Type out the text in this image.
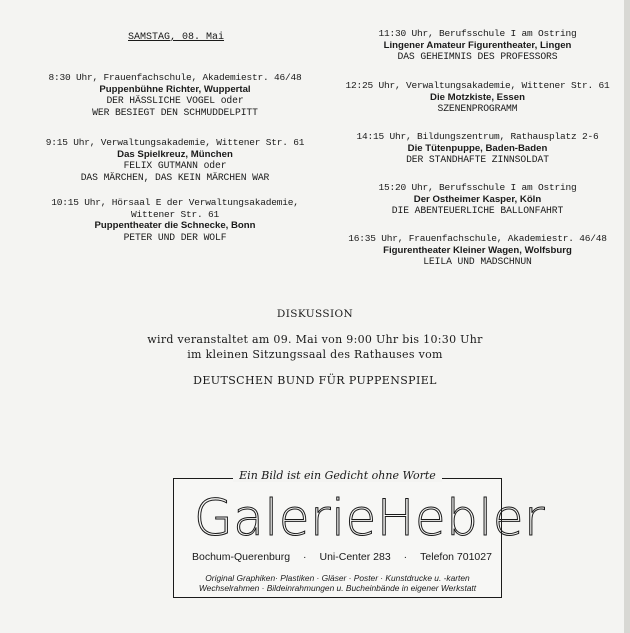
SAMSTAG, 08. Mai
8:30 Uhr, Frauenfachschule, Akademiestr. 46/48
Puppenbühne Richter, Wuppertal
DER HÄSSLICHE VOGEL oder
WER BESIEGT DEN SCHMUDDELPITT
9:15 Uhr, Verwaltungsakademie, Wittener Str. 61
Das Spielkreuz, München
FELIX GUTMANN oder
DAS MÄRCHEN, DAS KEIN MÄRCHEN WAR
10:15 Uhr, Hörsaal E der Verwaltungsakademie,
Wittener Str. 61
Puppentheater die Schnecke, Bonn
PETER UND DER WOLF
11:30 Uhr, Berufsschule I am Ostring
Lingener Amateur Figurentheater, Lingen
DAS GEHEIMNIS DES PROFESSORS
12:25 Uhr, Verwaltungsakademie, Wittener Str. 61
Die Motzkiste, Essen
SZENENPROGRAMM
14:15 Uhr, Bildungszentrum, Rathausplatz 2-6
Die Tütenpuppe, Baden-Baden
DER STANDHAFTE ZINNSOLDAT
15:20 Uhr, Berufsschule I am Ostring
Der Ostheimer Kasper, Köln
DIE ABENTEUERLICHE BALLONFAHRT
16:35 Uhr, Frauenfachschule, Akademiestr. 46/48
Figurentheater Kleiner Wagen, Wolfsburg
LEILA UND MADSCHNUN
DISKUSSION
wird veranstaltet am 09. Mai von 9:00 Uhr bis 10:30 Uhr
im kleinen Sitzungssaal des Rathauses vom
DEUTSCHEN BUND FÜR PUPPENSPIEL
Ein Bild ist ein Gedicht ohne Worte
GalerieHebler
Bochum-Querenburg · Uni-Center 283 · Telefon 701027
Original Graphiken· Plastiken · Gläser · Poster · Kunstdrucke u. -karten
Wechselrahmen · Bildeinrahmungen u. Bucheinbände in eigener Werkstatt
